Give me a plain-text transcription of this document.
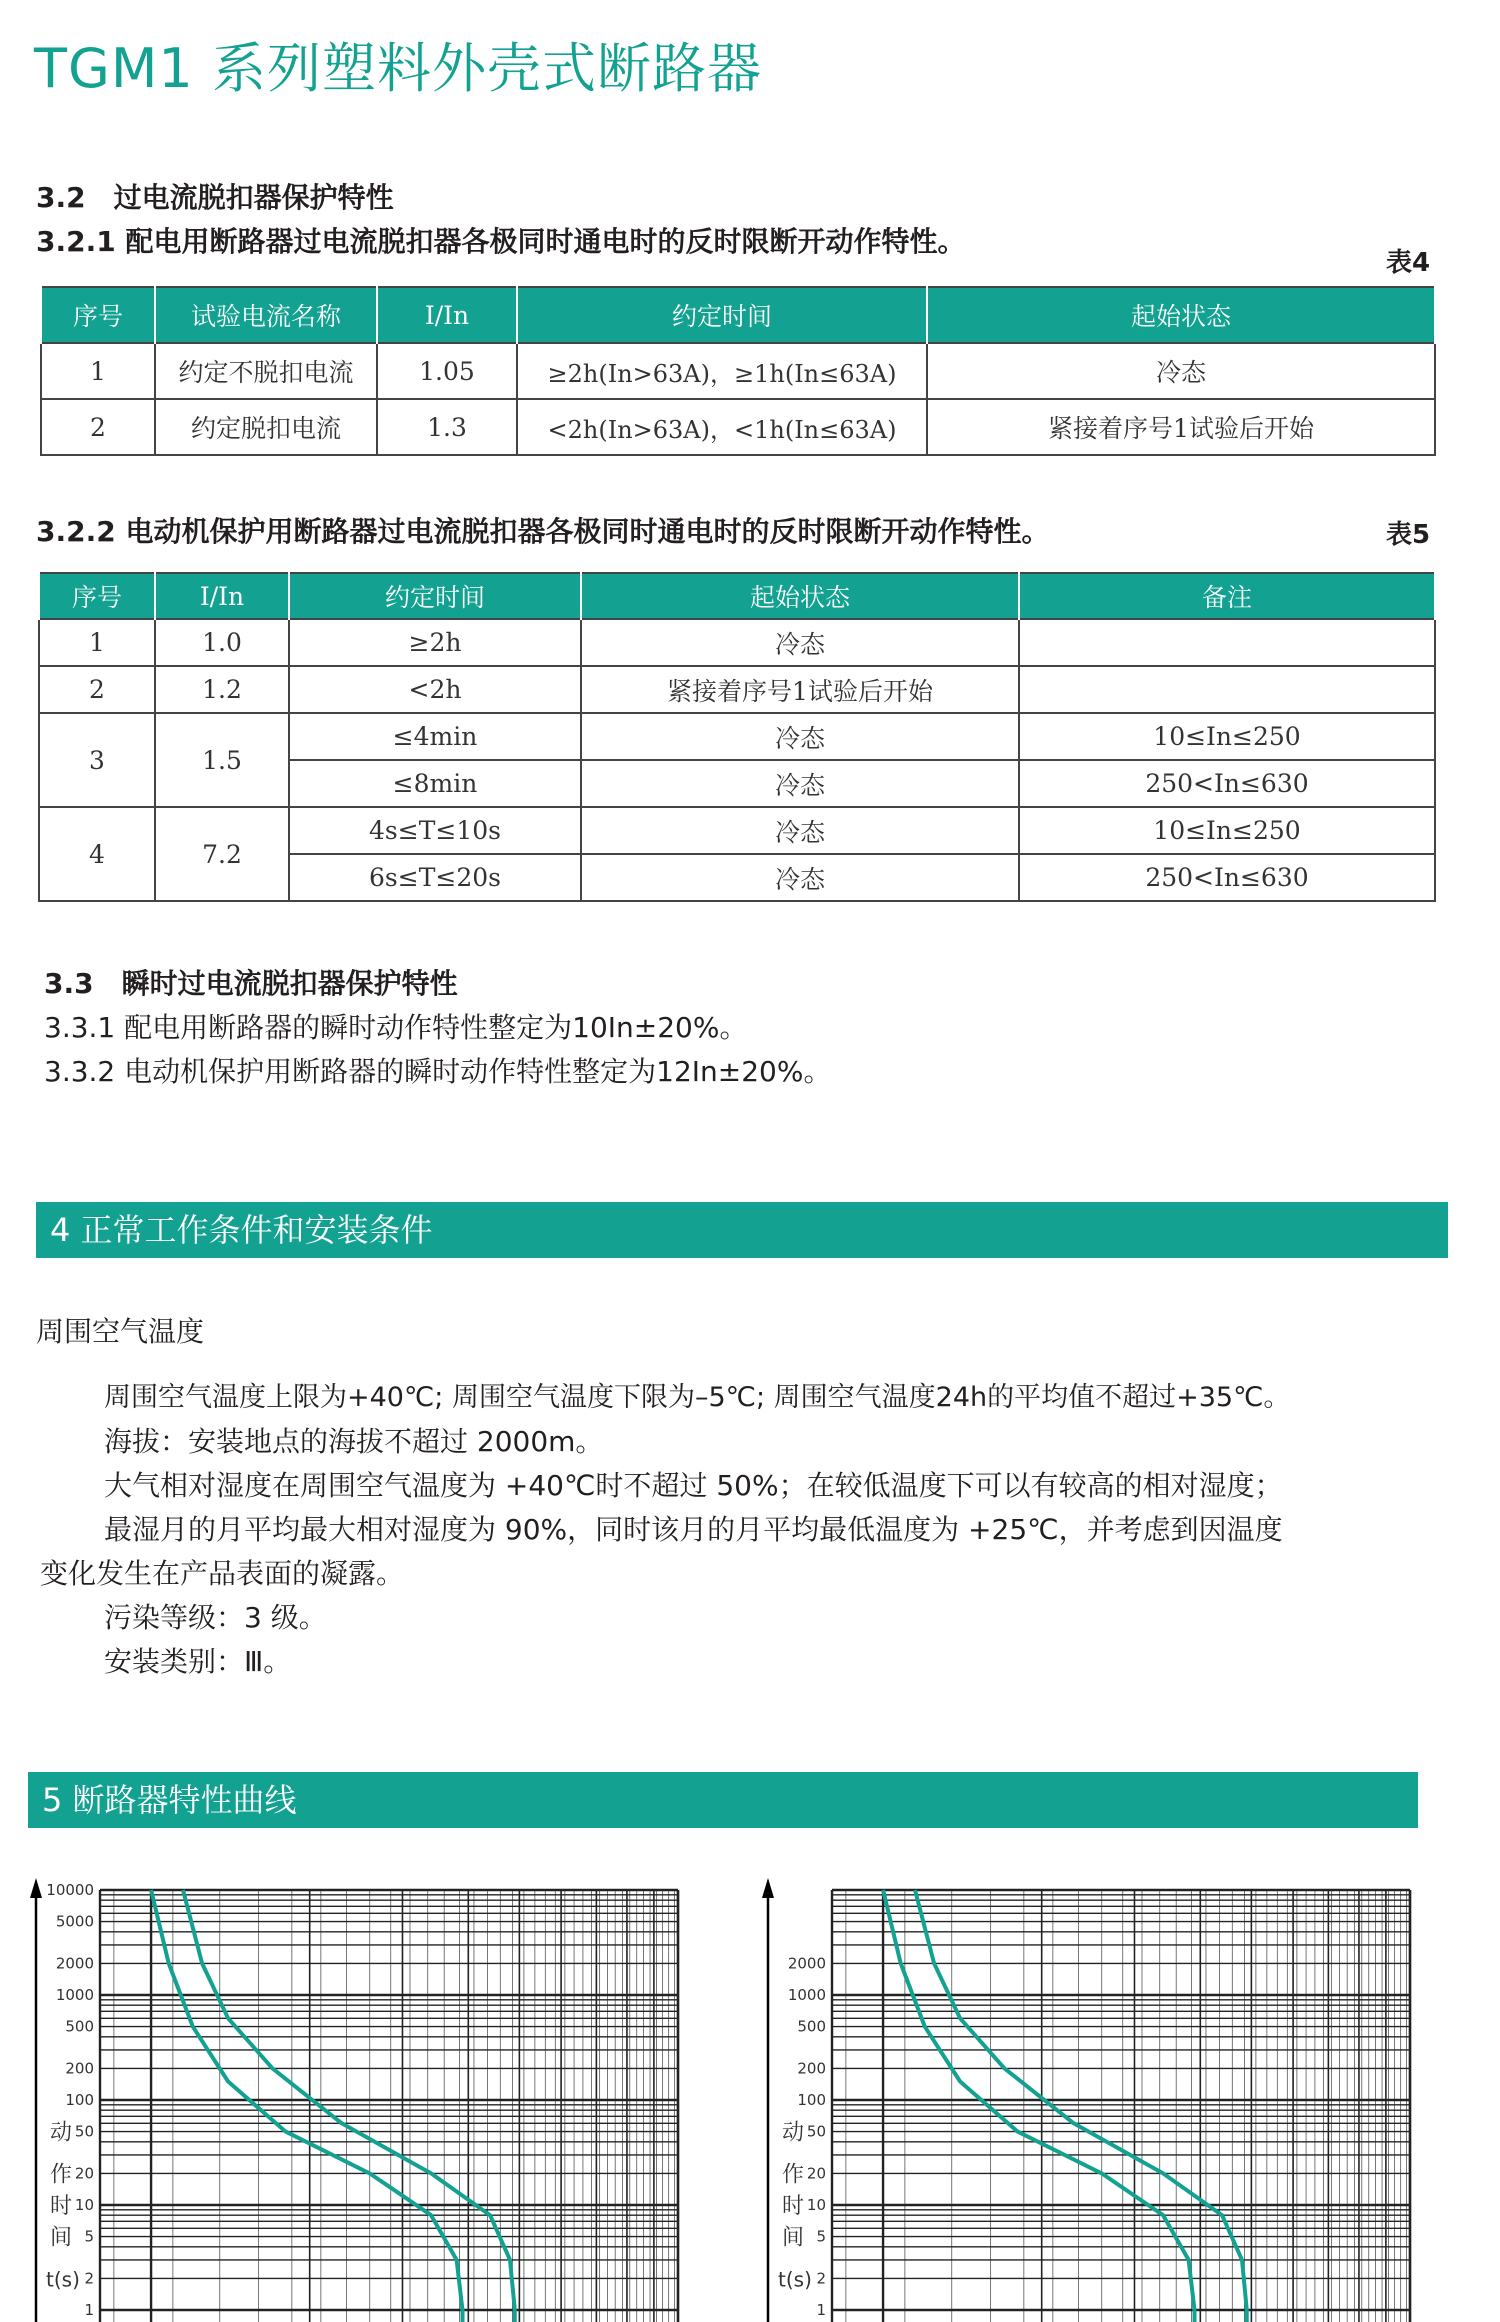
TGM1 系列塑料外壳式断路器
3.2　过电流脱扣器保护特性
3.2.1 配电用断路器过电流脱扣器各极同时通电时的反时限断开动作特性。
表4
序号	试验电流名称	I/In	约定时间	起始状态
1	约定不脱扣电流	1.05	≥2h(In>63A)，≥1h(In≤63A)	冷态
2	约定脱扣电流	1.3	<2h(In>63A)，<1h(In≤63A)	紧接着序号1试验后开始
3.2.2 电动机保护用断路器过电流脱扣器各极同时通电时的反时限断开动作特性。	表5
序号	I/In	约定时间	起始状态	备注
1	1.0	≥2h	冷态	
2	1.2	<2h	紧接着序号1试验后开始	
3	1.5	≤4min	冷态	10≤In≤250
		≤8min	冷态	250<In≤630
4	7.2	4s≤T≤10s	冷态	10≤In≤250
		6s≤T≤20s	冷态	250<In≤630
3.3　瞬时过电流脱扣器保护特性
3.3.1 配电用断路器的瞬时动作特性整定为10In±20%。
3.3.2 电动机保护用断路器的瞬时动作特性整定为12In±20%。
4 正常工作条件和安装条件
周围空气温度
周围空气温度上限为+40℃; 周围空气温度下限为–5℃; 周围空气温度24h的平均值不超过+35℃。
海拔：安装地点的海拔不超过 2000m。
大气相对湿度在周围空气温度为 +40℃时不超过 50%；在较低温度下可以有较高的相对湿度；
最湿月的月平均最大相对湿度为 90%，同时该月的月平均最低温度为 +25℃，并考虑到因温度
变化发生在产品表面的凝露。
污染等级：3 级。
安装类别：Ⅲ。
5 断路器特性曲线
10000
5000
2000
1000
500
200
100
50
20
10
5
2
1
动
作
时
间
t(s)
2000
1000
500
200
100
50
20
10
5
2
1
动
作
时
间
t(s)
